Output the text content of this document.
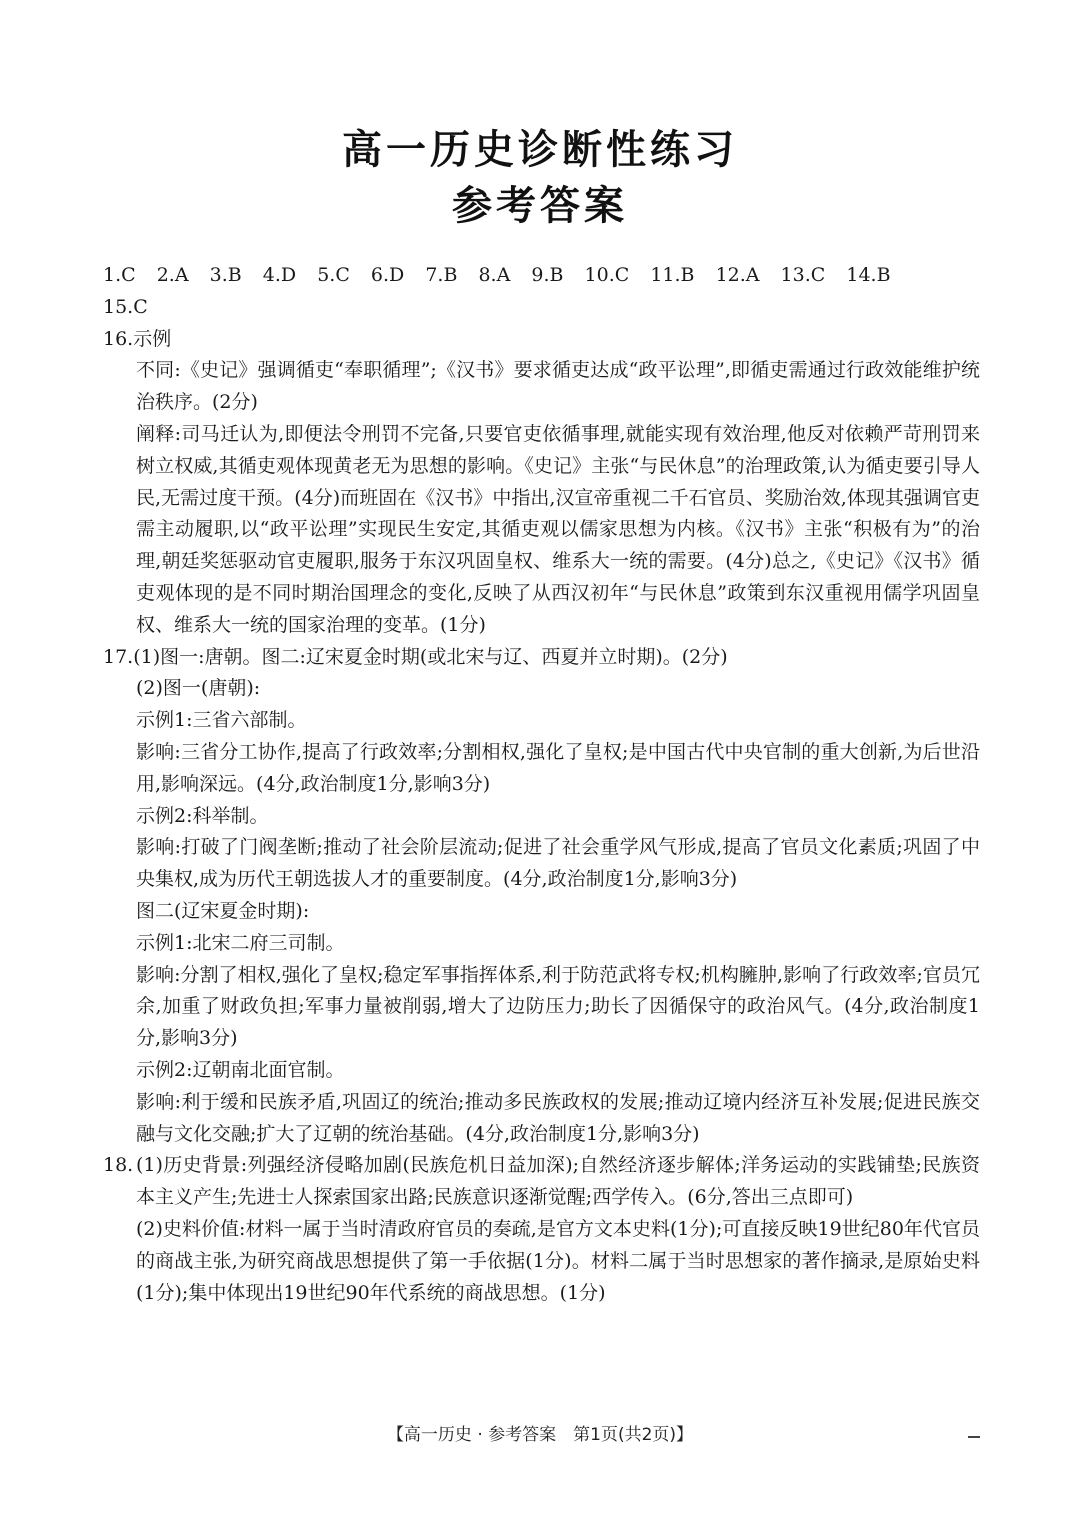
高一历史诊断性练习
参考答案
1.C 2.A 3.B 4.D 5.C 6.D 7.B 8.A 9.B 10.C 11.B 12.A 13.C 14.B
15.C
16.示例
不同:《史记》强调循吏“奉职循理”;《汉书》要求循吏达成“政平讼理”,即循吏需通过行政效能维护统治秩序。(2分)
阐释:司马迁认为,即便法令刑罚不完备,只要官吏依循事理,就能实现有效治理,他反对依赖严苛刑罚来树立权威,其循吏观体现黄老无为思想的影响。《史记》主张“与民休息”的治理政策,认为循吏要引导人民,无需过度干预。(4分)而班固在《汉书》中指出,汉宣帝重视二千石官员、奖励治效,体现其强调官吏需主动履职,以“政平讼理”实现民生安定,其循吏观以儒家思想为内核。《汉书》主张“积极有为”的治理,朝廷奖惩驱动官吏履职,服务于东汉巩固皇权、维系大一统的需要。(4分)总之,《史记》《汉书》循吏观体现的是不同时期治国理念的变化,反映了从西汉初年“与民休息”政策到东汉重视用儒学巩固皇权、维系大一统的国家治理的变革。(1分)
17.(1)图一:唐朝。图二:辽宋夏金时期(或北宋与辽、西夏并立时期)。(2分)
(2)图一(唐朝):
示例1:三省六部制。
影响:三省分工协作,提高了行政效率;分割相权,强化了皇权;是中国古代中央官制的重大创新,为后世沿用,影响深远。(4分,政治制度1分,影响3分)
示例2:科举制。
影响:打破了门阀垄断;推动了社会阶层流动;促进了社会重学风气形成,提高了官员文化素质;巩固了中央集权,成为历代王朝选拔人才的重要制度。(4分,政治制度1分,影响3分)
图二(辽宋夏金时期):
示例1:北宋二府三司制。
影响:分割了相权,强化了皇权;稳定军事指挥体系,利于防范武将专权;机构臃肿,影响了行政效率;官员冗余,加重了财政负担;军事力量被削弱,增大了边防压力;助长了因循保守的政治风气。(4分,政治制度1分,影响3分)
示例2:辽朝南北面官制。
影响:利于缓和民族矛盾,巩固辽的统治;推动多民族政权的发展;推动辽境内经济互补发展;促进民族交融与文化交融;扩大了辽朝的统治基础。(4分,政治制度1分,影响3分)
18. (1)历史背景:列强经济侵略加剧(民族危机日益加深);自然经济逐步解体;洋务运动的实践铺垫;民族资本主义产生;先进士人探索国家出路;民族意识逐渐觉醒;西学传入。(6分,答出三点即可)
(2)史料价值:材料一属于当时清政府官员的奏疏,是官方文本史料(1分);可直接反映19世纪80年代官员的商战主张,为研究商战思想提供了第一手依据(1分)。材料二属于当时思想家的著作摘录,是原始史料(1分);集中体现出19世纪90年代系统的商战思想。(1分)
【高一历史 · 参考答案　第1页(共2页)】
